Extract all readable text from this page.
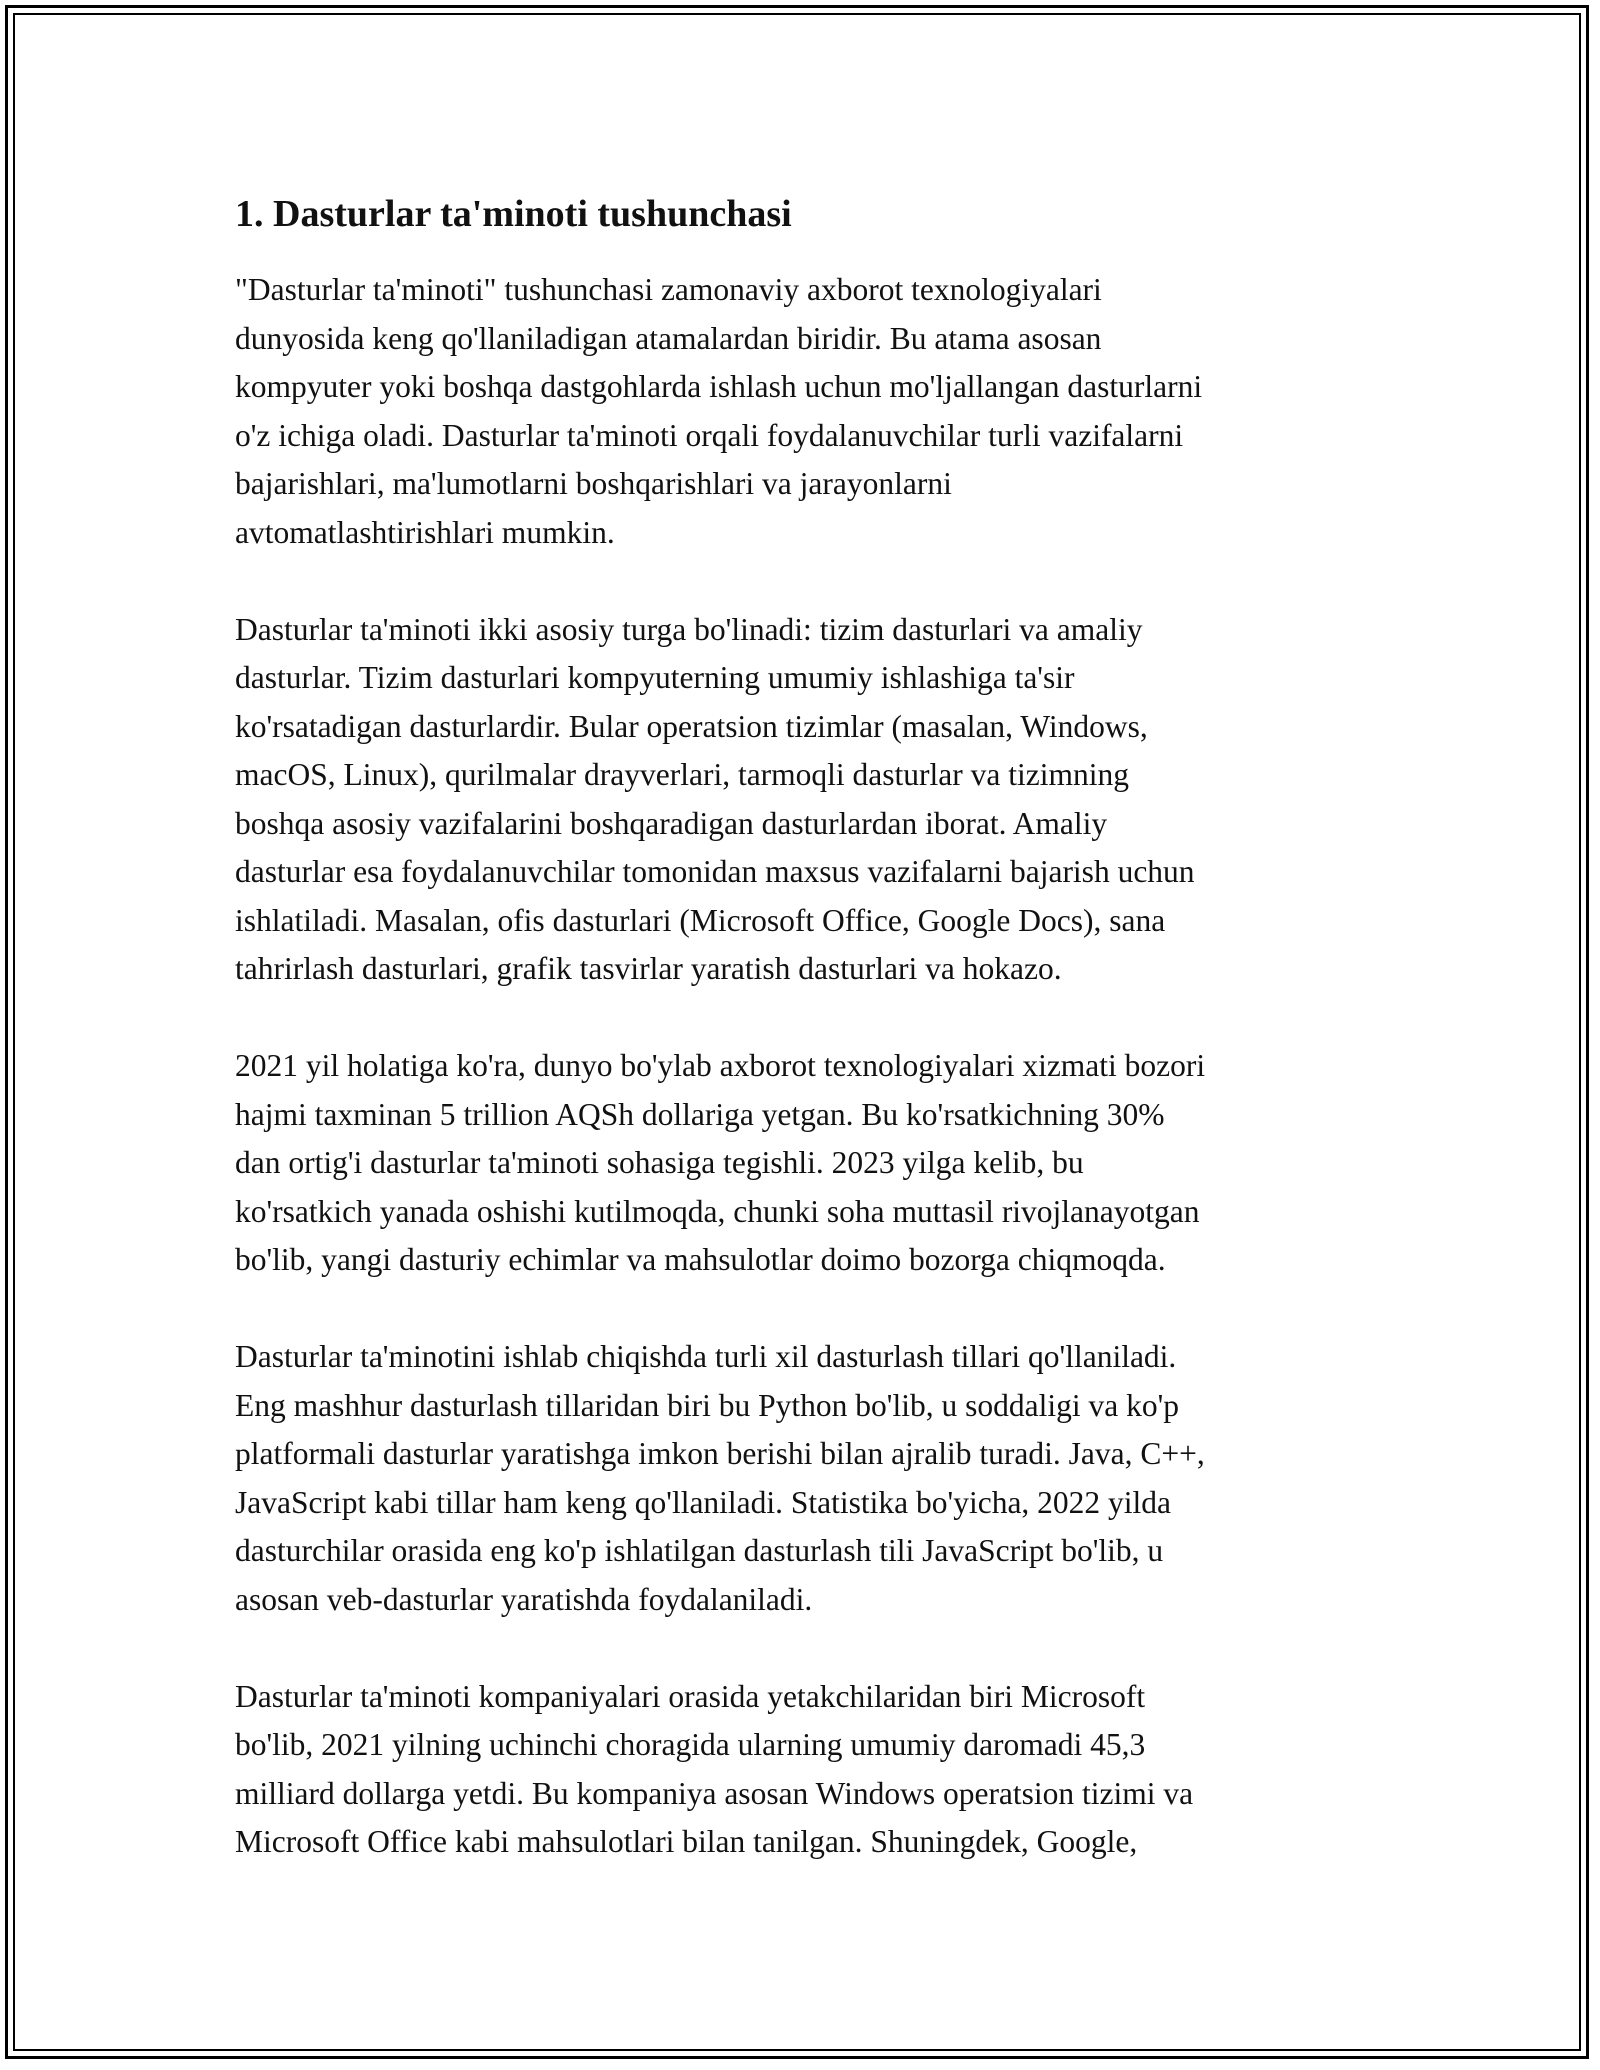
1. Dasturlar ta'minoti tushunchasi
"Dasturlar ta'minoti" tushunchasi zamonaviy axborot texnologiyalari
dunyosida keng qo'llaniladigan atamalardan biridir. Bu atama asosan
kompyuter yoki boshqa dastgohlarda ishlash uchun mo'ljallangan dasturlarni
o'z ichiga oladi. Dasturlar ta'minoti orqali foydalanuvchilar turli vazifalarni
bajarishlari, ma'lumotlarni boshqarishlari va jarayonlarni
avtomatlashtirishlari mumkin.
Dasturlar ta'minoti ikki asosiy turga bo'linadi: tizim dasturlari va amaliy
dasturlar. Tizim dasturlari kompyuterning umumiy ishlashiga ta'sir
ko'rsatadigan dasturlardir. Bular operatsion tizimlar (masalan, Windows,
macOS, Linux), qurilmalar drayverlari, tarmoqli dasturlar va tizimning
boshqa asosiy vazifalarini boshqaradigan dasturlardan iborat. Amaliy
dasturlar esa foydalanuvchilar tomonidan maxsus vazifalarni bajarish uchun
ishlatiladi. Masalan, ofis dasturlari (Microsoft Office, Google Docs), sana
tahrirlash dasturlari, grafik tasvirlar yaratish dasturlari va hokazo.
2021 yil holatiga ko'ra, dunyo bo'ylab axborot texnologiyalari xizmati bozori
hajmi taxminan 5 trillion AQSh dollariga yetgan. Bu ko'rsatkichning 30%
dan ortig'i dasturlar ta'minoti sohasiga tegishli. 2023 yilga kelib, bu
ko'rsatkich yanada oshishi kutilmoqda, chunki soha muttasil rivojlanayotgan
bo'lib, yangi dasturiy echimlar va mahsulotlar doimo bozorga chiqmoqda.
Dasturlar ta'minotini ishlab chiqishda turli xil dasturlash tillari qo'llaniladi.
Eng mashhur dasturlash tillaridan biri bu Python bo'lib, u soddaligi va ko'p
platformali dasturlar yaratishga imkon berishi bilan ajralib turadi. Java, C++,
JavaScript kabi tillar ham keng qo'llaniladi. Statistika bo'yicha, 2022 yilda
dasturchilar orasida eng ko'p ishlatilgan dasturlash tili JavaScript bo'lib, u
asosan veb-dasturlar yaratishda foydalaniladi.
Dasturlar ta'minoti kompaniyalari orasida yetakchilaridan biri Microsoft
bo'lib, 2021 yilning uchinchi choragida ularning umumiy daromadi 45,3
milliard dollarga yetdi. Bu kompaniya asosan Windows operatsion tizimi va
Microsoft Office kabi mahsulotlari bilan tanilgan. Shuningdek, Google,
